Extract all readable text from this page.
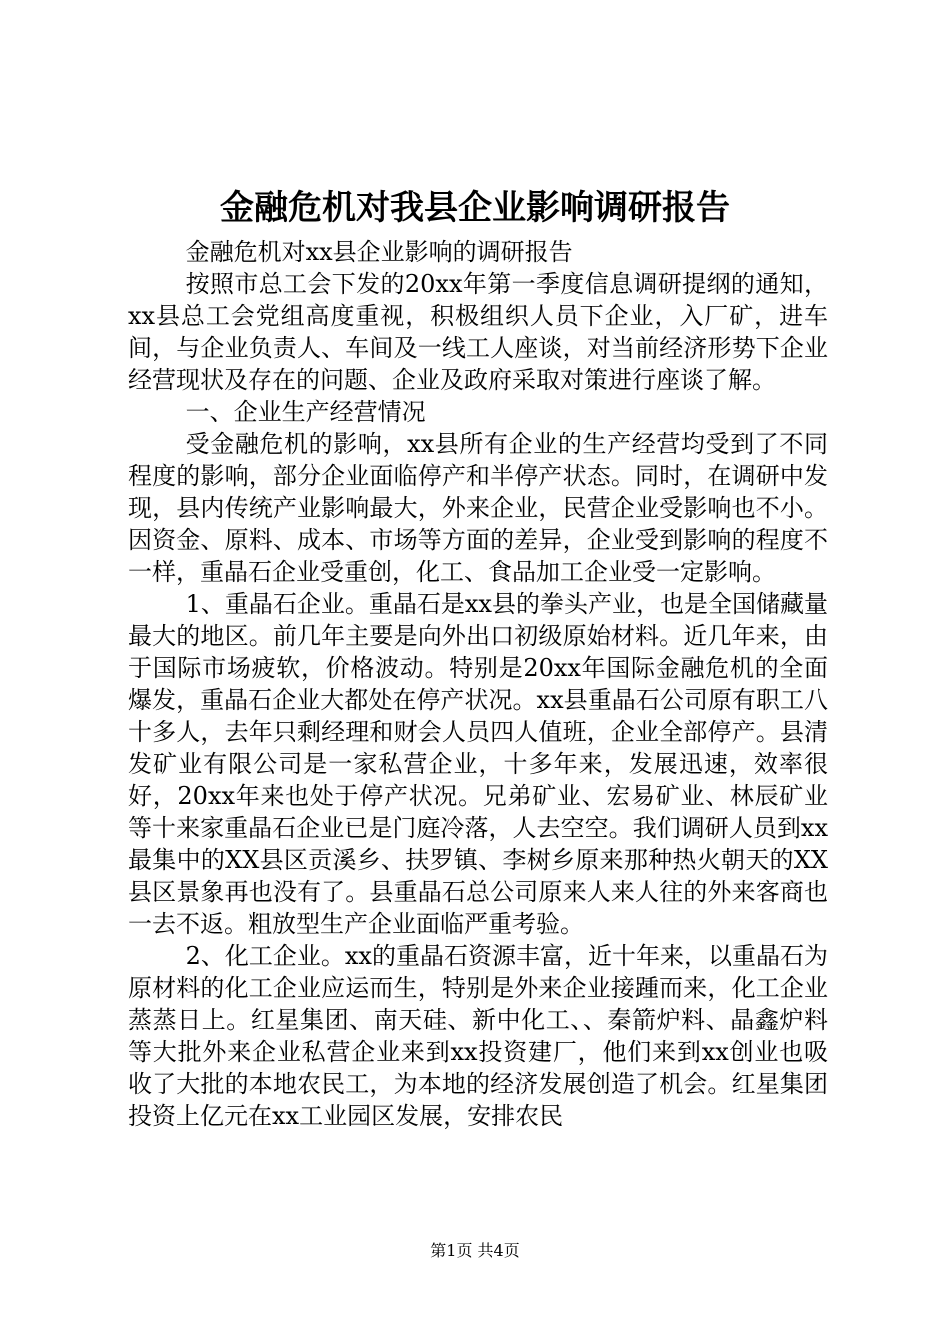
金融危机对我县企业影响调研报告

金融危机对xx县企业影响的调研报告

按照市总工会下发的20xx年第一季度信息调研提纲的通知，xx县总工会党组高度重视，积极组织人员下企业，入厂矿，进车间，与企业负责人、车间及一线工人座谈，对当前经济形势下企业经营现状及存在的问题、企业及政府采取对策进行座谈了解。

一、企业生产经营情况

受金融危机的影响，xx县所有企业的生产经营均受到了不同程度的影响，部分企业面临停产和半停产状态。同时，在调研中发现，县内传统产业影响最大，外来企业，民营企业受影响也不小。因资金、原料、成本、市场等方面的差异，企业受到影响的程度不一样，重晶石企业受重创，化工、食品加工企业受一定影响。

1、重晶石企业。重晶石是xx县的拳头产业，也是全国储藏量最大的地区。前几年主要是向外出口初级原始材料。近几年来，由于国际市场疲软，价格波动。特别是20xx年国际金融危机的全面爆发，重晶石企业大都处在停产状况。xx县重晶石公司原有职工八十多人，去年只剩经理和财会人员四人值班，企业全部停产。县清发矿业有限公司是一家私营企业，十多年来，发展迅速，效率很好，20xx年来也处于停产状况。兄弟矿业、宏易矿业、林辰矿业等十来家重晶石企业已是门庭冷落，人去空空。我们调研人员到xx最集中的XX县区贡溪乡、扶罗镇、李树乡原来那种热火朝天的XX县区景象再也没有了。县重晶石总公司原来人来人往的外来客商也一去不返。粗放型生产企业面临严重考验。

2、化工企业。xx的重晶石资源丰富，近十年来，以重晶石为原材料的化工企业应运而生，特别是外来企业接踵而来，化工企业蒸蒸日上。红星集团、南天硅、新中化工、、秦箭炉料、晶鑫炉料等大批外来企业私营企业来到xx投资建厂，他们来到xx创业也吸收了大批的本地农民工，为本地的经济发展创造了机会。红星集团投资上亿元在xx工业园区发展，安排农民

第1页 共4页
